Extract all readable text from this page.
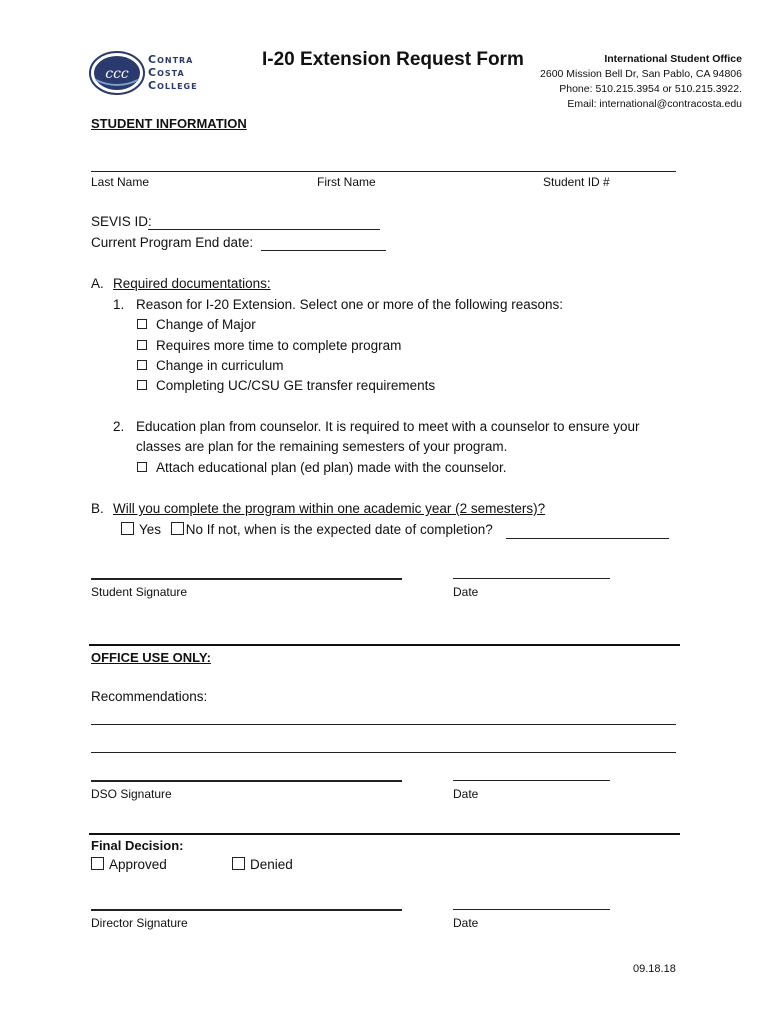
ccc
Contra
Costa
College
I-20 Extension Request Form	International Student Office
2600 Mission Bell Dr, San Pablo, CA 94806
Phone: 510.215.3954 or 510.215.3922.
Email: international@contracosta.edu
STUDENT INFORMATION
Last Name	First Name	Student ID #
SEVIS ID:
Current Program End date:
A. Required documentations:
1. Reason for I-20 Extension. Select one or more of the following reasons:
Change of Major
Requires more time to complete program
Change in curriculum
Completing UC/CSU GE transfer requirements
2. Education plan from counselor. It is required to meet with a counselor to ensure your
classes are plan for the remaining semesters of your program.
Attach educational plan (ed plan) made with the counselor.
B. Will you complete the program within one academic year (2 semesters)?
Yes No If not, when is the expected date of completion?
Student Signature	Date
OFFICE USE ONLY:
Recommendations:
DSO Signature	Date
Final Decision:
Approved	Denied
Director Signature	Date
09.18.18
